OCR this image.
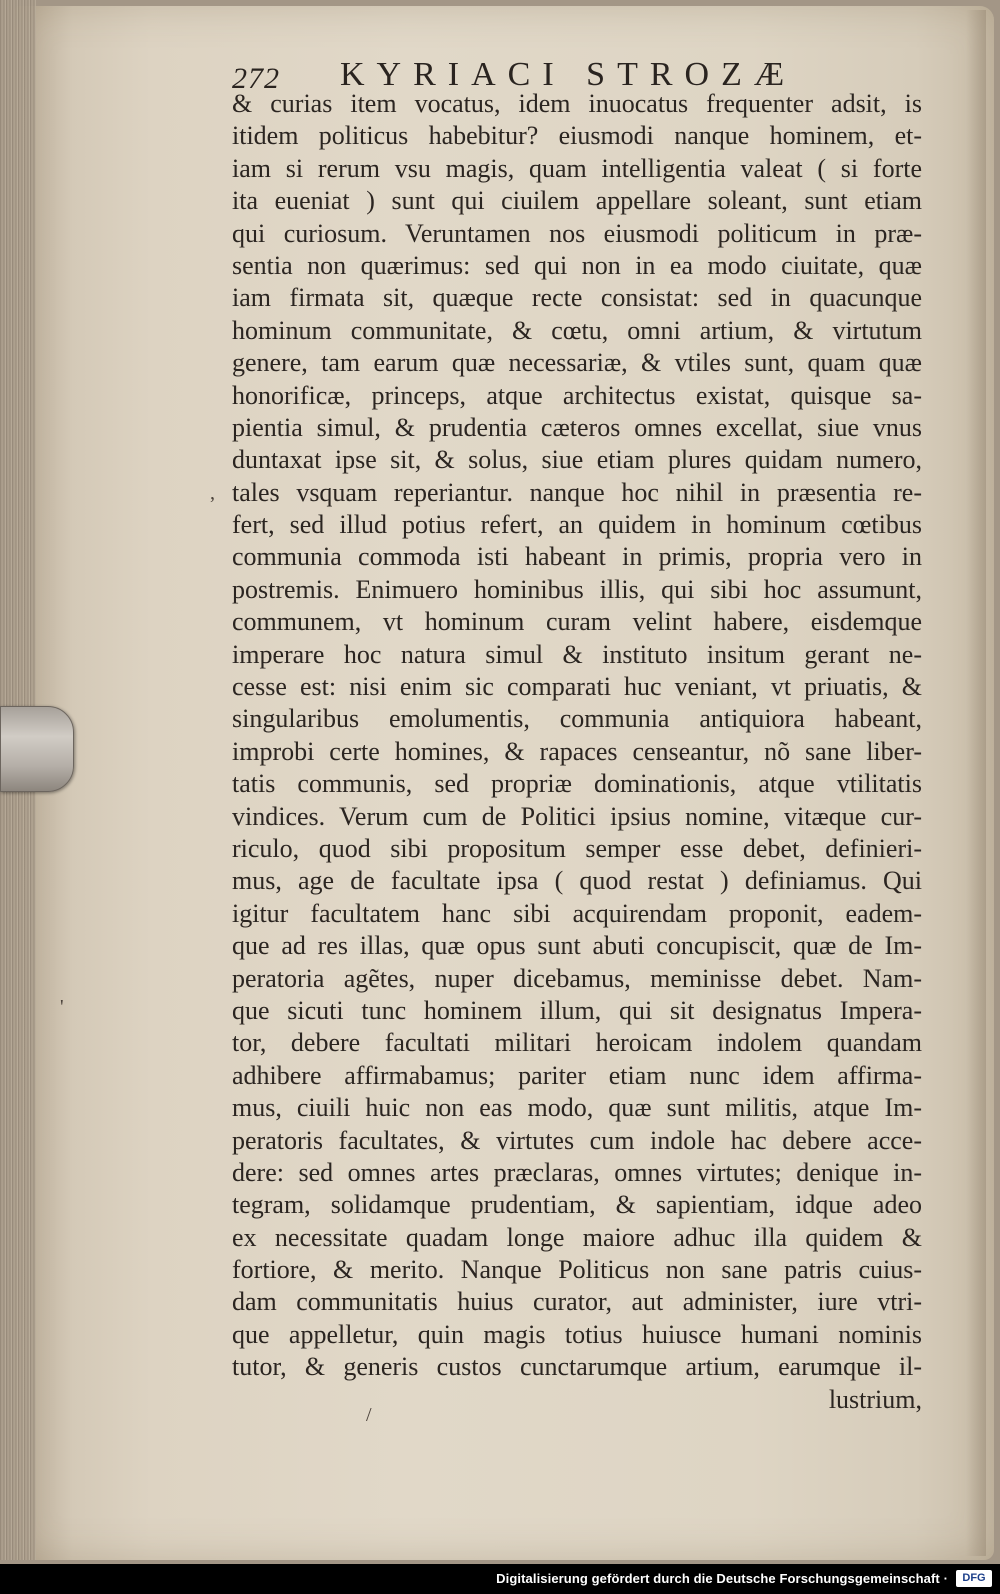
272 KYRIACI STROZÆ
& curias item vocatus, idem inuocatus frequenter adsit, is
itidem politicus habebitur? eiusmodi nanque hominem, et-
iam si rerum vsu magis, quam intelligentia valeat ( si forte
ita eueniat ) sunt qui ciuilem appellare soleant, sunt etiam
qui curiosum. Veruntamen nos eiusmodi politicum in præ-
sentia non quærimus: sed qui non in ea modo ciuitate, quæ
iam firmata sit, quæque recte consistat: sed in quacunque
hominum communitate, & cœtu, omni artium, & virtutum
genere, tam earum quæ necessariæ, & vtiles sunt, quam quæ
honorificæ, princeps, atque architectus existat, quisque sa-
pientia simul, & prudentia cæteros omnes excellat, siue vnus
duntaxat ipse sit, & solus, siue etiam plures quidam numero,
tales vsquam reperiantur. nanque hoc nihil in præsentia re-
fert, sed illud potius refert, an quidem in hominum cœtibus
communia commoda isti habeant in primis, propria vero in
postremis. Enimuero hominibus illis, qui sibi hoc assumunt,
communem, vt hominum curam velint habere, eisdemque
imperare hoc natura simul & instituto insitum gerant ne-
cesse est: nisi enim sic comparati huc veniant, vt priuatis, &
singularibus emolumentis, communia antiquiora habeant,
improbi certe homines, & rapaces censeantur, nõ sane liber-
tatis communis, sed propriæ dominationis, atque vtilitatis
vindices. Verum cum de Politici ipsius nomine, vitæque cur-
riculo, quod sibi propositum semper esse debet, definieri-
mus, age de facultate ipsa ( quod restat ) definiamus. Qui
igitur facultatem hanc sibi acquirendam proponit, eadem-
que ad res illas, quæ opus sunt abuti concupiscit, quæ de Im-
peratoria agẽtes, nuper dicebamus, meminisse debet. Nam-
que sicuti tunc hominem illum, qui sit designatus Impera-
tor, debere facultati militari heroicam indolem quandam
adhibere affirmabamus; pariter etiam nunc idem affirma-
mus, ciuili huic non eas modo, quæ sunt militis, atque Im-
peratoris facultates, & virtutes cum indole hac debere acce-
dere: sed omnes artes præclaras, omnes virtutes; denique in-
tegram, solidamque prudentiam, & sapientiam, idque adeo
ex necessitate quadam longe maiore adhuc illa quidem &
fortiore, & merito. Nanque Politicus non sane patris cuius-
dam communitatis huius curator, aut administer, iure vtri-
que appelletur, quin magis totius huiusce humani nominis
tutor, & generis custos cunctarumque artium, earumque il-
lustrium,
,
'
/
Digitalisierung gefördert durch die Deutsche Forschungsgemeinschaft ·	DFG
